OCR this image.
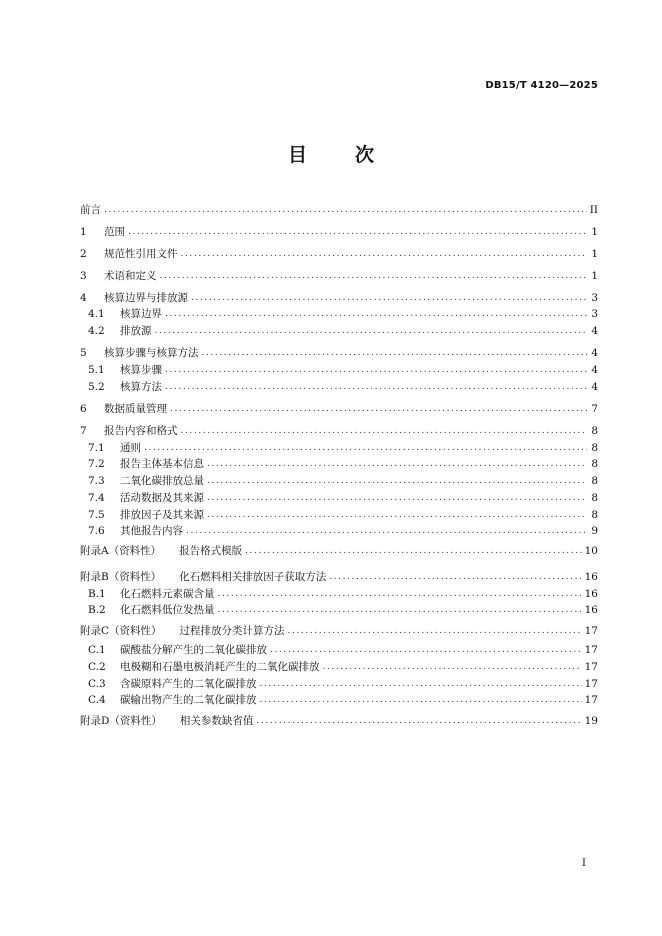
DB15/T 4120—2025
目	次
前言 .....	II
1	范围 .....	1
2	规范性引用文件 .....	1
3	术语和定义 .....	1
4	核算边界与排放源 .....	3
4.1	核算边界 .....	3
4.2	排放源 .....	4
5	核算步骤与核算方法 .....	4
5.1	核算步骤 .....	4
5.2	核算方法 .....	4
6	数据质量管理 .....	7
7	报告内容和格式 .....	8
7.1	通则 .....	8
7.2	报告主体基本信息 .....	8
7.3	二氧化碳排放总量 .....	8
7.4	活动数据及其来源 .....	8
7.5	排放因子及其来源 .....	8
7.6	其他报告内容 .....	9
附录A（资料性） 报告格式模版 .....	10
附录B（资料性） 化石燃料相关排放因子获取方法 .....	16
B.1	化石燃料元素碳含量 .....	16
B.2	化石燃料低位发热量 .....	16
附录C（资料性） 过程排放分类计算方法 .....	17
C.1	碳酸盐分解产生的二氧化碳排放 .....	17
C.2	电极糊和石墨电极消耗产生的二氧化碳排放 .....	17
C.3	含碳原料产生的二氧化碳排放 .....	17
C.4	碳输出物产生的二氧化碳排放 .....	17
附录D（资料性） 相关参数缺省值 .....	19
I
